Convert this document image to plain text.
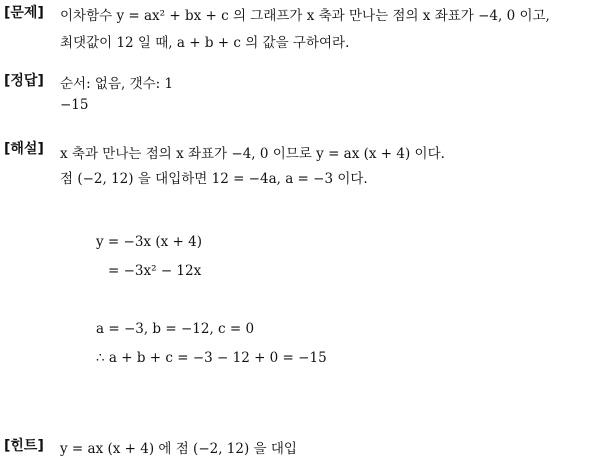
[문제] 이차함수 y = ax² + bx + c 의 그래프가 x 축과 만나는 점의 x 좌표가 −4, 0 이고,
최댓값이 12 일 때, a + b + c 의 값을 구하여라.
[정답] 순서: 없음, 갯수: 1
−15
[해설] x 축과 만나는 점의 x 좌표가 −4, 0 이므로 y = ax (x + 4) 이다.
점 (−2, 12) 을 대입하면 12 = −4a, a = −3 이다.
y = −3x (x + 4)
= −3x² − 12x
a = −3, b = −12, c = 0
∴ a + b + c = −3 − 12 + 0 = −15
[힌트] y = ax (x + 4) 에 점 (−2, 12) 을 대입
